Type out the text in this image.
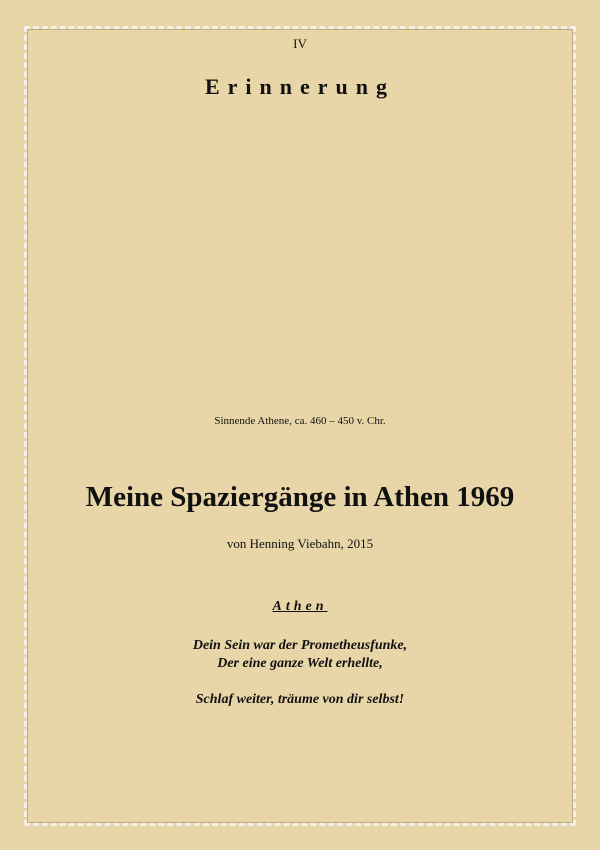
IV
Erinnerung
Sinnende Athene, ca. 460 – 450 v. Chr.
Meine Spaziergänge in Athen 1969
von Henning Viebahn, 2015
Athen
Dein Sein war der Prometheusfunke,
Der eine ganze Welt erhellte,
Schlaf weiter, träume von dir selbst!
